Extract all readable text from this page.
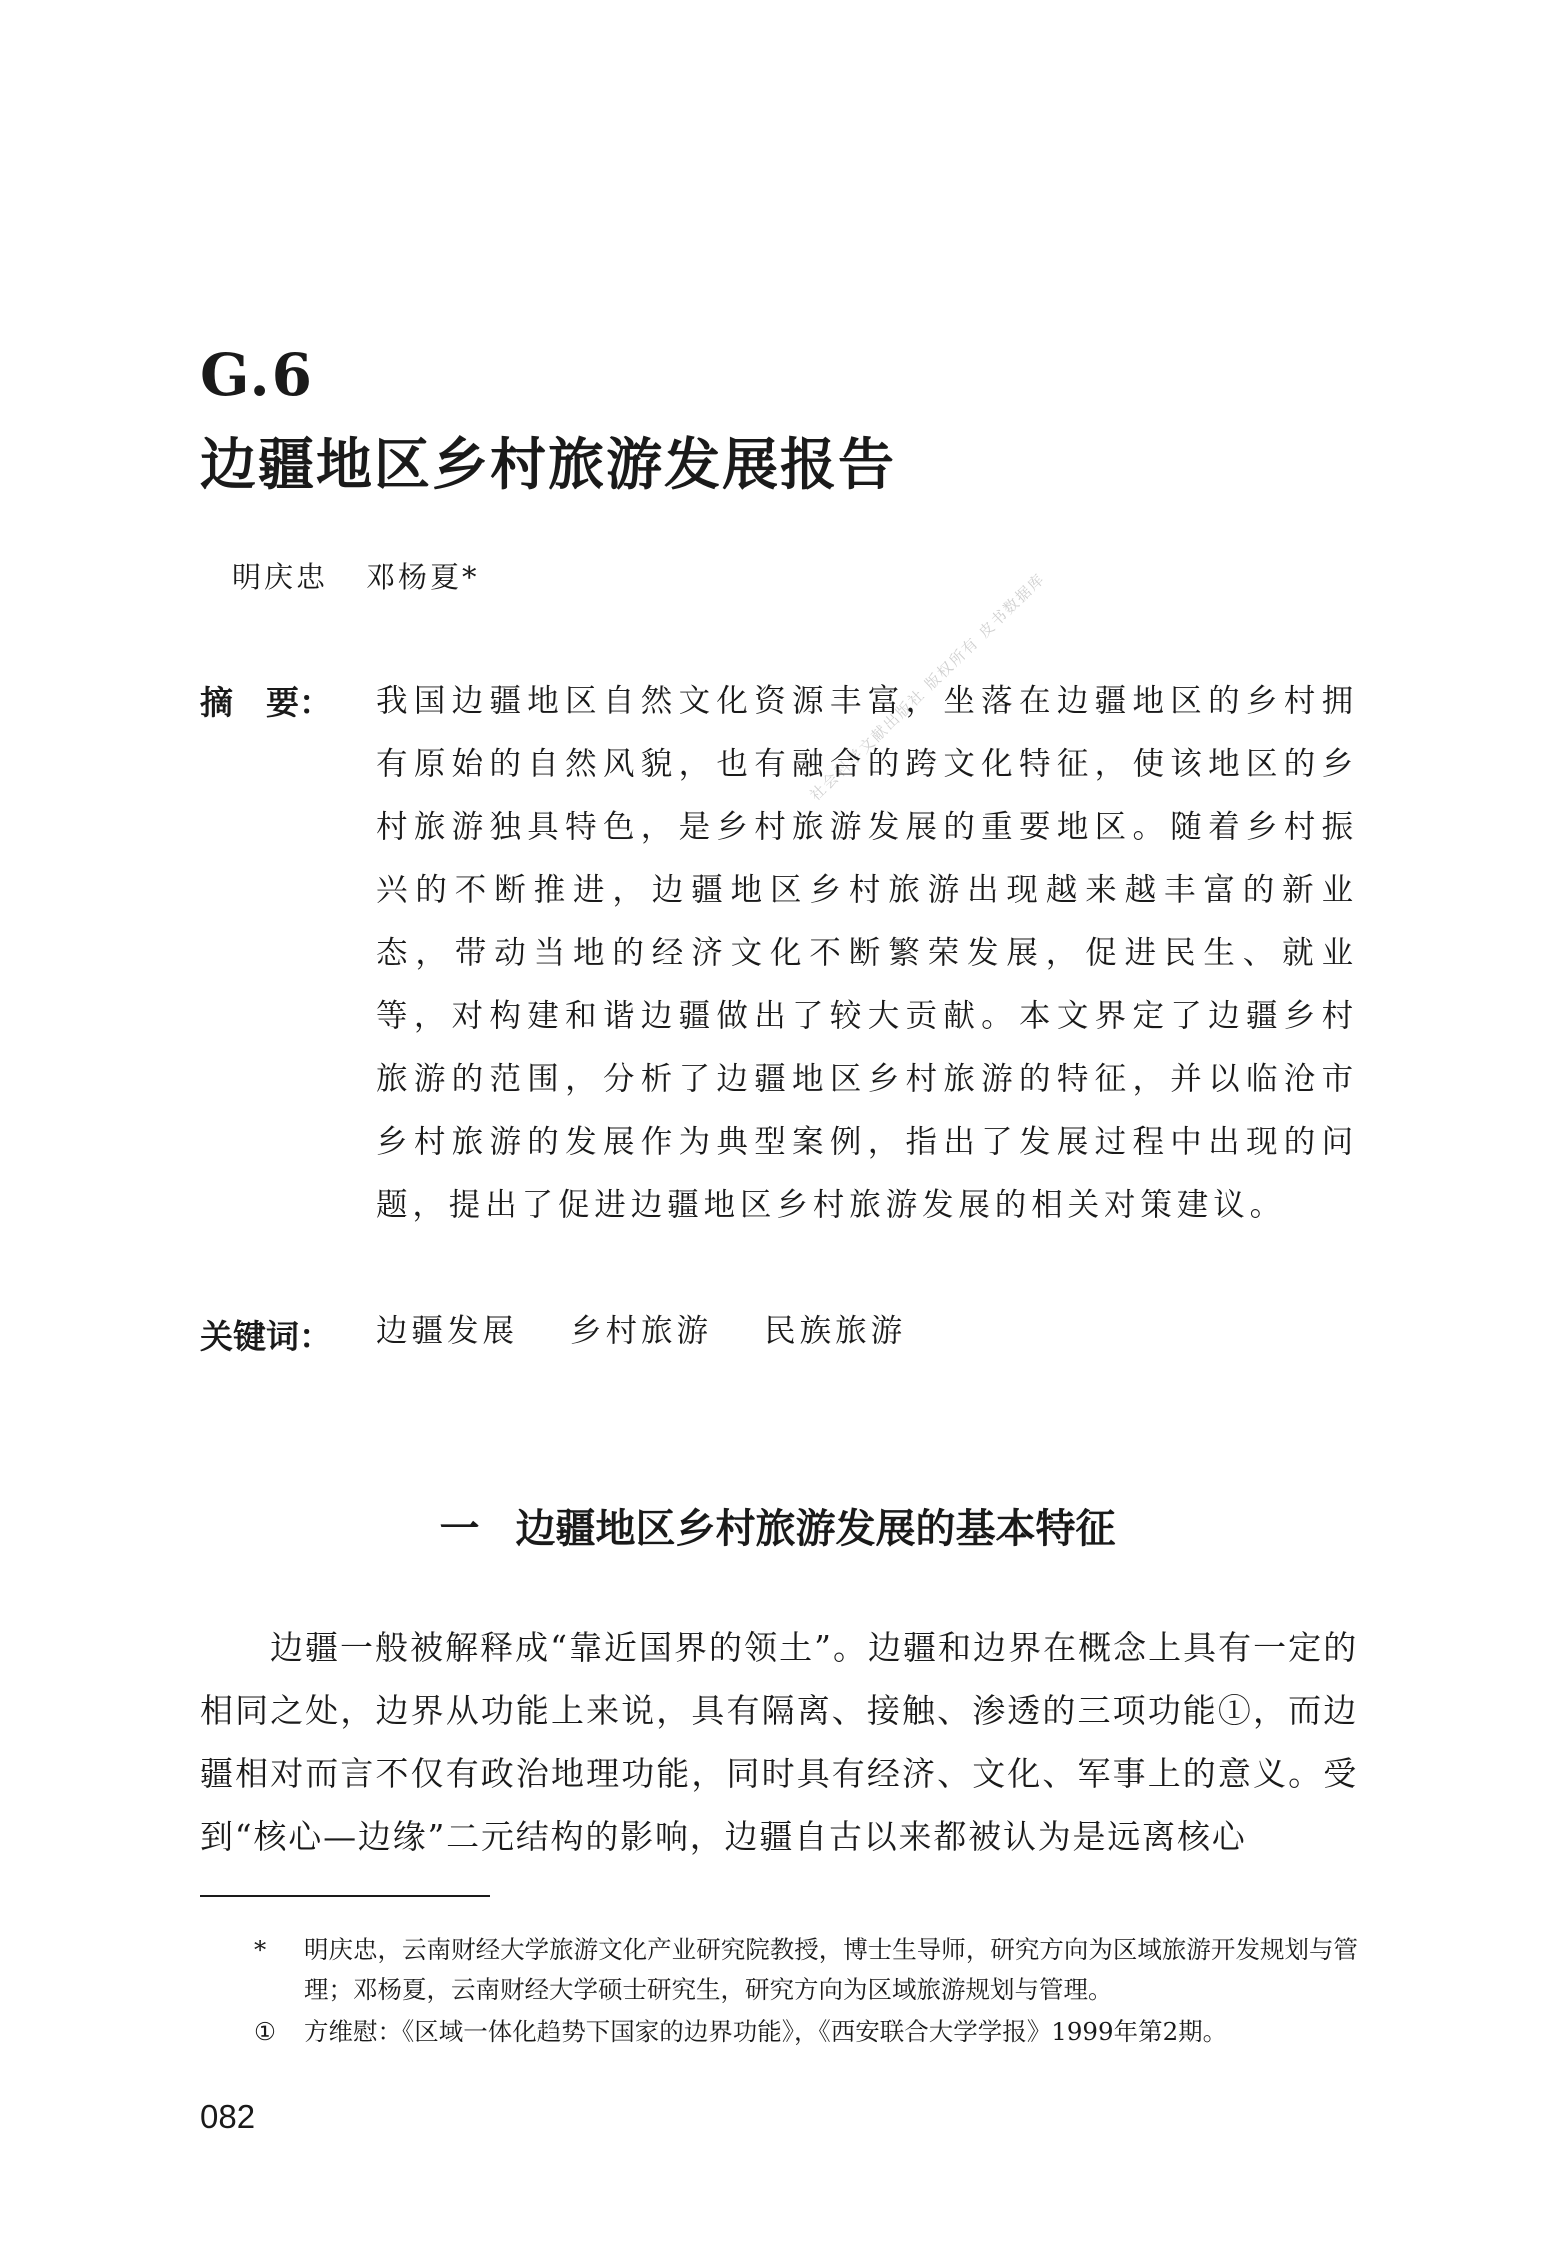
社会科学文献出版社 版权所有 皮书数据库
G.6
边疆地区乡村旅游发展报告
明庆忠 邓杨夏*
摘　要： 我国边疆地区自然文化资源丰富，坐落在边疆地区的乡村拥有原始的自然风貌，也有融合的跨文化特征，使该地区的乡村旅游独具特色，是乡村旅游发展的重要地区。随着乡村振兴的不断推进，边疆地区乡村旅游出现越来越丰富的新业态，带动当地的经济文化不断繁荣发展，促进民生、就业等，对构建和谐边疆做出了较大贡献。本文界定了边疆乡村旅游的范围，分析了边疆地区乡村旅游的特征，并以临沧市乡村旅游的发展作为典型案例，指出了发展过程中出现的问题，提出了促进边疆地区乡村旅游发展的相关对策建议。
关键词： 边疆发展 乡村旅游 民族旅游
一 边疆地区乡村旅游发展的基本特征

边疆一般被解释成“靠近国界的领土”。边疆和边界在概念上具有一定的相同之处，边界从功能上来说，具有隔离、接触、渗透的三项功能①，而边疆相对而言不仅有政治地理功能，同时具有经济、文化、军事上的意义。受到“核心—边缘”二元结构的影响，边疆自古以来都被认为是远离核心

* 明庆忠，云南财经大学旅游文化产业研究院教授，博士生导师，研究方向为区域旅游开发规划与管理；邓杨夏，云南财经大学硕士研究生，研究方向为区域旅游规划与管理。
① 方维慰：《区域一体化趋势下国家的边界功能》，《西安联合大学学报》1999年第2期。
082
